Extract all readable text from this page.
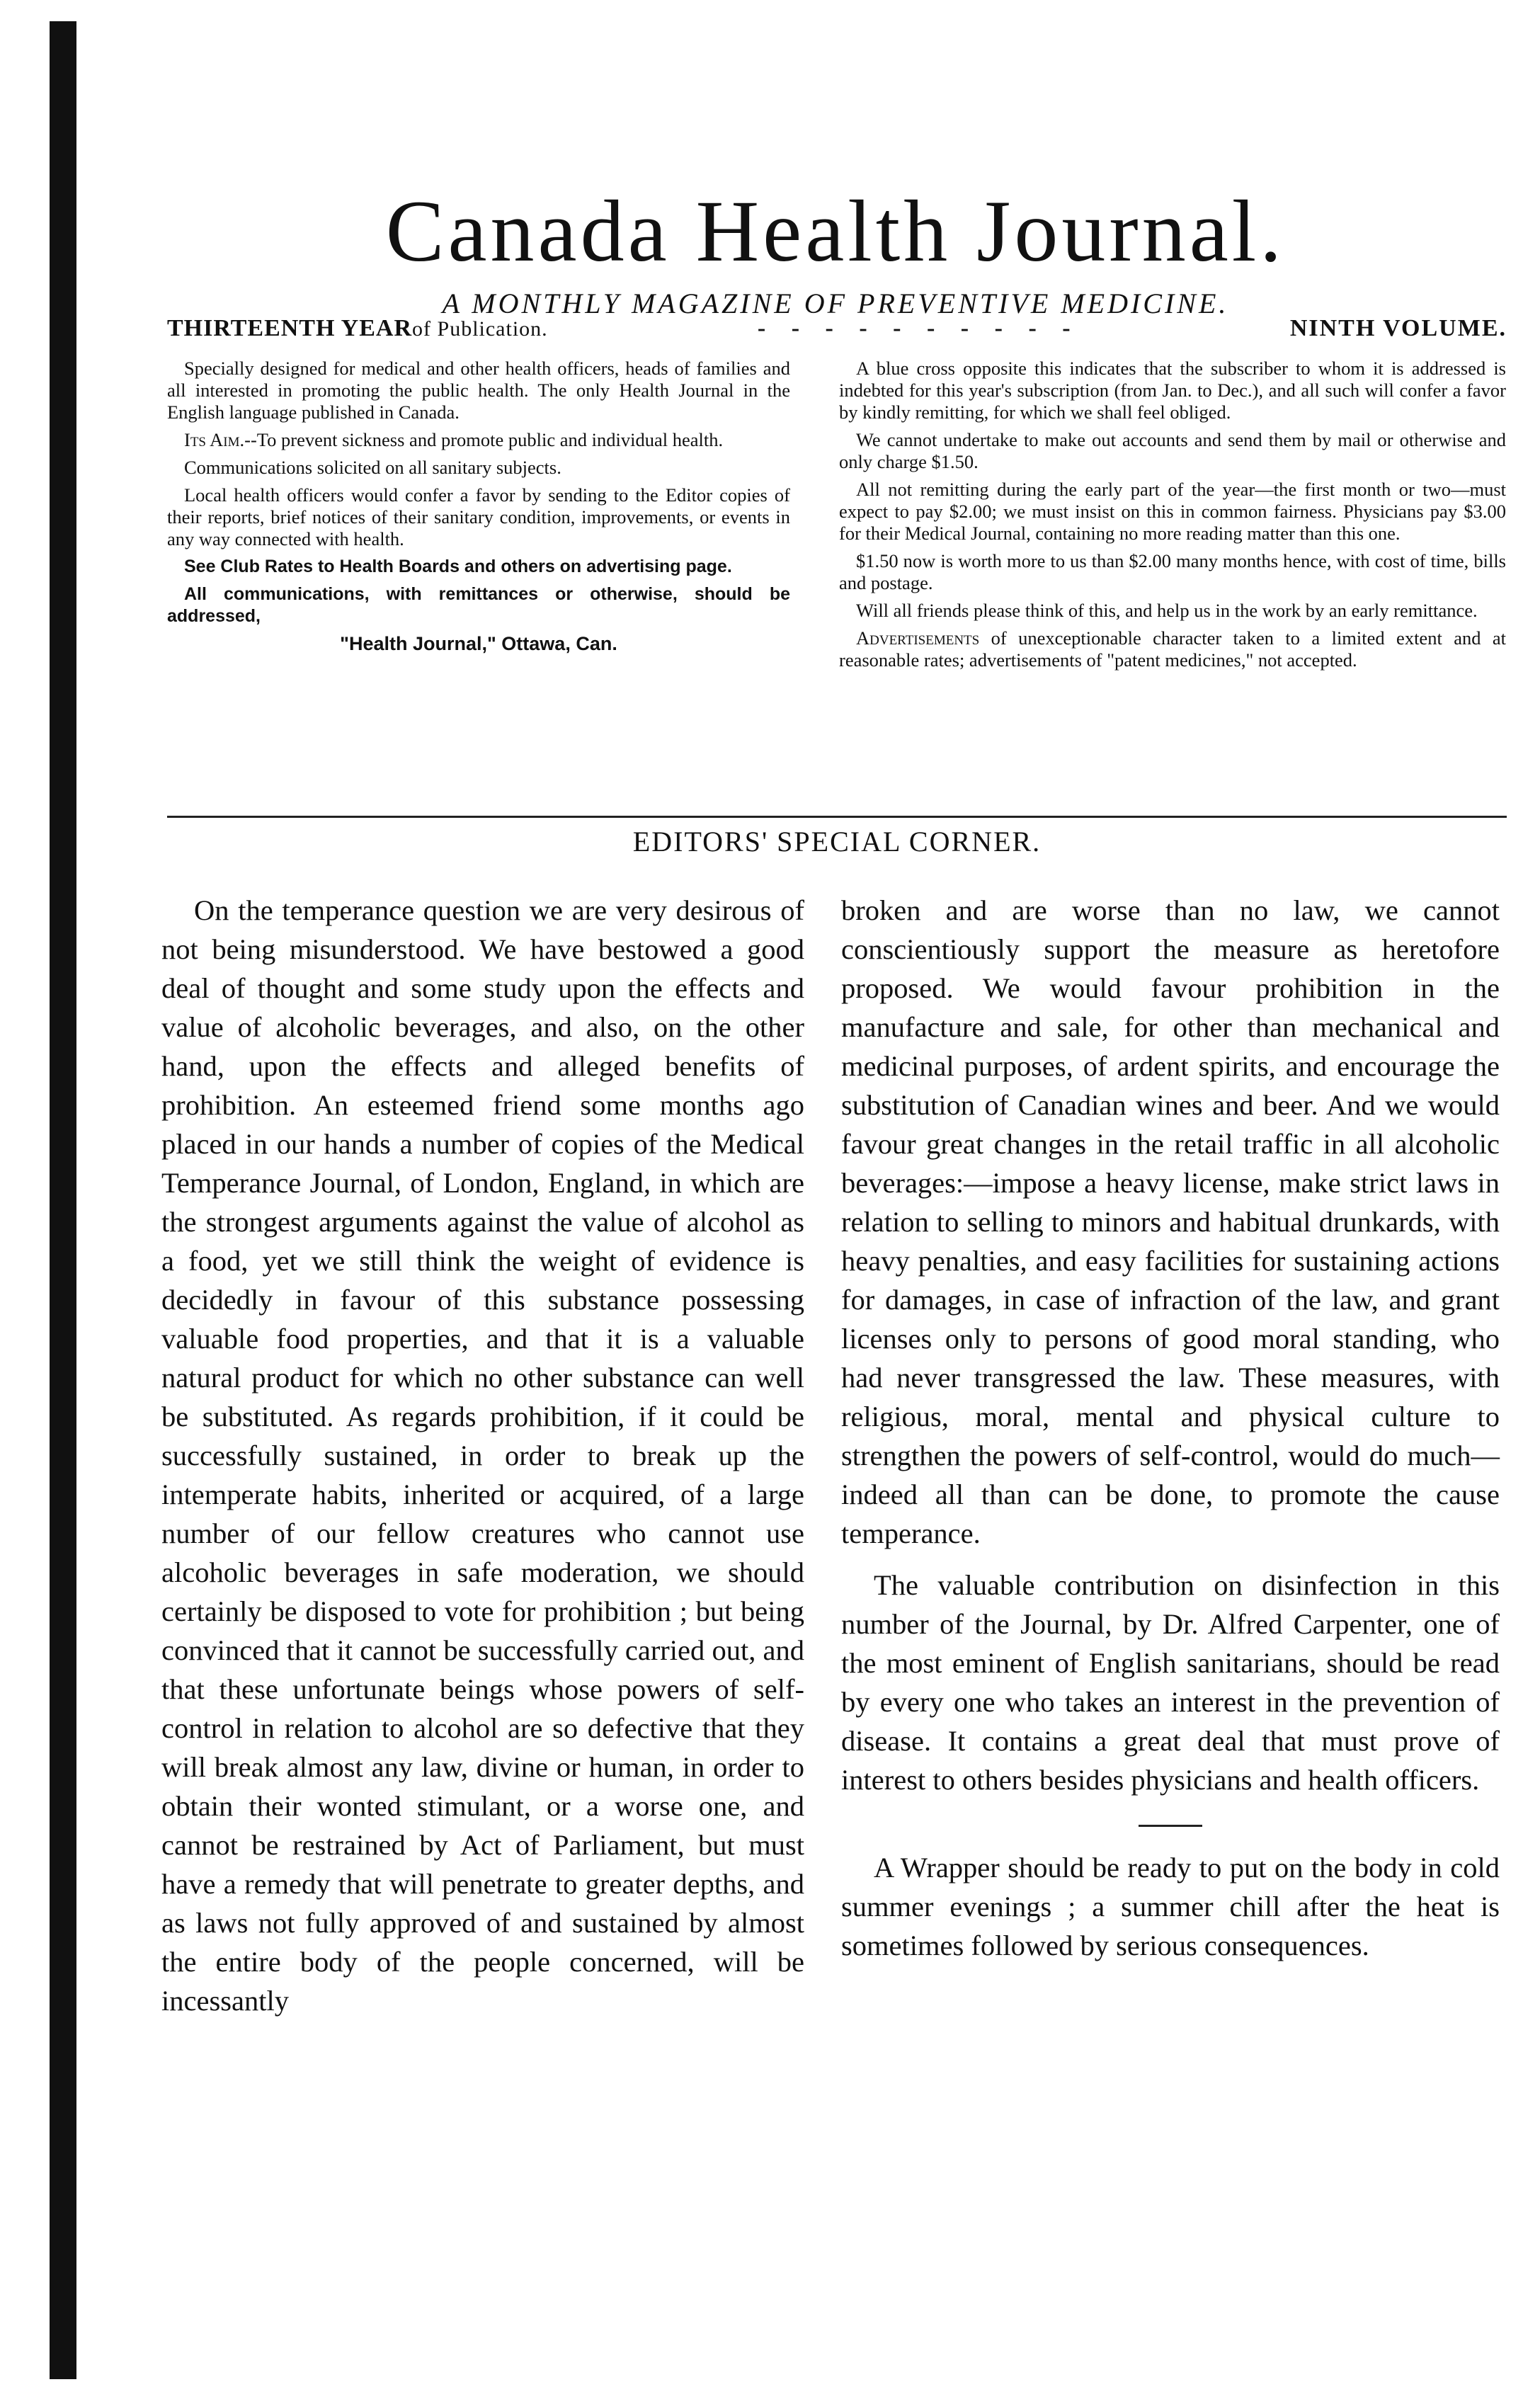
Canada Health Journal.
A MONTHLY MAGAZINE OF PREVENTIVE MEDICINE.
THIRTEENTH YEAR of Publication.	- - - - - - - - - -	NINTH VOLUME.

Specially designed for medical and other health officers, heads of families and all interested in promoting the public health. The only Health Journal in the English language published in Canada.

Its Aim.--To prevent sickness and promote public and individual health.

Communications solicited on all sanitary subjects.

Local health officers would confer a favor by sending to the Editor copies of their reports, brief notices of their sanitary condition, improvements, or events in any way connected with health.

See Club Rates to Health Boards and others on advertising page.

All communications, with remittances or otherwise, should be addressed,

"Health Journal," Ottawa, Can.

A blue cross opposite this indicates that the subscriber to whom it is addressed is indebted for this year's subscription (from Jan. to Dec.), and all such will confer a favor by kindly remitting, for which we shall feel obliged.

We cannot undertake to make out accounts and send them by mail or otherwise and only charge $1.50.

All not remitting during the early part of the year—the first month or two—must expect to pay $2.00; we must insist on this in common fairness. Physicians pay $3.00 for their Medical Journal, containing no more reading matter than this one.

$1.50 now is worth more to us than $2.00 many months hence, with cost of time, bills and postage.

Will all friends please think of this, and help us in the work by an early remittance.

Advertisements of unexceptionable character taken to a limited extent and at reasonable rates; advertisements of "patent medicines," not accepted.

EDITORS' SPECIAL CORNER.

On the temperance question we are very desirous of not being misunderstood. We have bestowed a good deal of thought and some study upon the effects and value of alcoholic beverages, and also, on the other hand, upon the effects and alleged benefits of prohibition. An esteemed friend some months ago placed in our hands a number of copies of the Medical Temperance Journal, of London, England, in which are the strongest arguments against the value of alcohol as a food, yet we still think the weight of evidence is decidedly in favour of this substance possessing valuable food properties, and that it is a valuable natural product for which no other substance can well be substituted. As regards prohibition, if it could be successfully sustained, in order to break up the intemperate habits, inherited or acquired, of a large number of our fellow creatures who cannot use alcoholic beverages in safe moderation, we should certainly be disposed to vote for prohibition ; but being convinced that it cannot be successfully carried out, and that these unfortunate beings whose powers of self-control in relation to alcohol are so defective that they will break almost any law, divine or human, in order to obtain their wonted stimulant, or a worse one, and cannot be restrained by Act of Parliament, but must have a remedy that will penetrate to greater depths, and as laws not fully approved of and sustained by almost the entire body of the people concerned, will be incessantly

broken and are worse than no law, we cannot conscientiously support the measure as heretofore proposed. We would favour prohibition in the manufacture and sale, for other than mechanical and medicinal purposes, of ardent spirits, and encourage the substitution of Canadian wines and beer. And we would favour great changes in the retail traffic in all alcoholic beverages:—impose a heavy license, make strict laws in relation to selling to minors and habitual drunkards, with heavy penalties, and easy facilities for sustaining actions for damages, in case of infraction of the law, and grant licenses only to persons of good moral standing, who had never transgressed the law. These measures, with religious, moral, mental and physical culture to strengthen the powers of self-control, would do much—indeed all than can be done, to promote the cause temperance.

The valuable contribution on disinfection in this number of the Journal, by Dr. Alfred Carpenter, one of the most eminent of English sanitarians, should be read by every one who takes an interest in the prevention of disease. It contains a great deal that must prove of interest to others besides physicians and health officers.

A Wrapper should be ready to put on the body in cold summer evenings ; a summer chill after the heat is sometimes followed by serious consequences.
